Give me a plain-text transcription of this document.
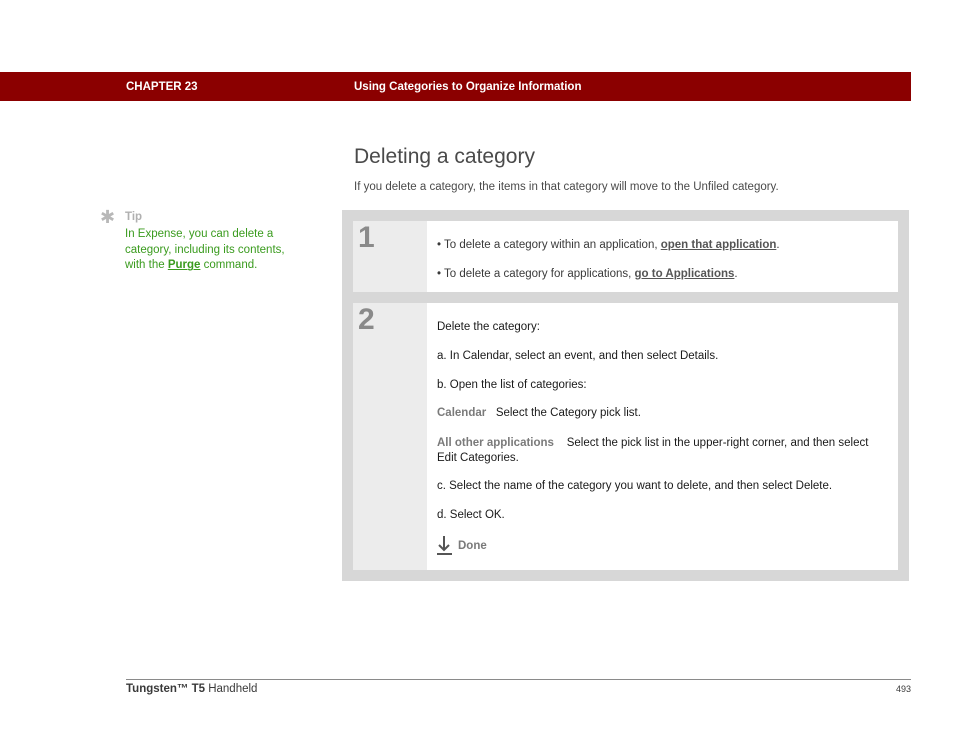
CHAPTER 23	Using Categories to Organize Information
Deleting a category
If you delete a category, the items in that category will move to the Unfiled category.
✱ Tip
In Expense, you can delete a category, including its contents, with the Purge command.
1	• To delete a category within an application, open that application.
• To delete a category for applications, go to Applications.
2	Delete the category:
a. In Calendar, select an event, and then select Details.
b. Open the list of categories:
Calendar Select the Category pick list.
All other applications Select the pick list in the upper-right corner, and then select Edit Categories.
c. Select the name of the category you want to delete, and then select Delete.
d. Select OK.
Done
Tungsten™ T5 Handheld	493
